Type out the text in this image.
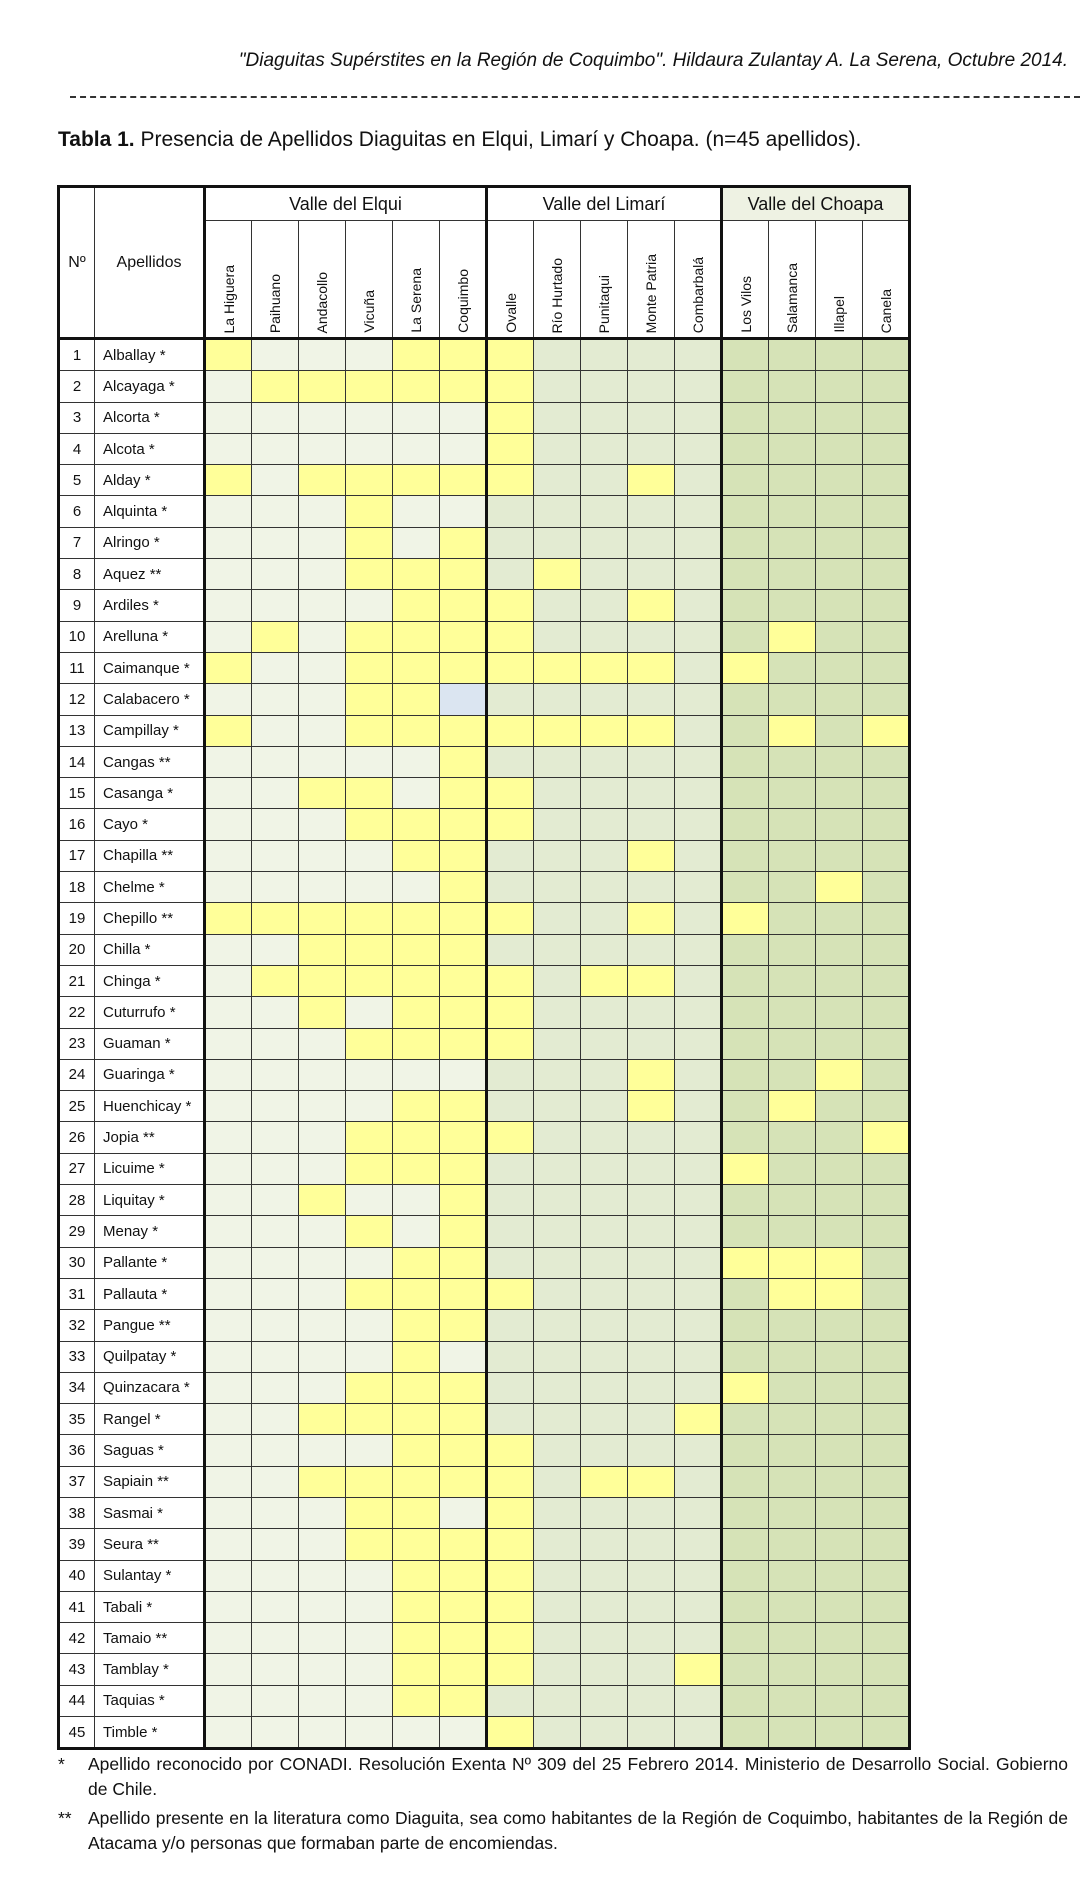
"Diaguitas Supérstites en la Región de Coquimbo". Hildaura Zulantay A. La Serena, Octubre 2014.
Tabla 1. Presencia de Apellidos Diaguitas en Elqui, Limarí y Choapa. (n=45 apellidos).
Nº	Apellidos	Valle del Elqui						Valle del Limarí					Valle del Choapa			
		La Higuera	Paihuano	Andacollo	Vicuña	La Serena	Coquimbo	Ovalle	Río Hurtado	Punitaqui	Monte Patria	Combarbalá	Los Vilos	Salamanca	Illapel	Canela
1	Alballay *															
2	Alcayaga *															
3	Alcorta *															
4	Alcota *															
5	Alday *															
6	Alquinta *															
7	Alringo *															
8	Aquez **															
9	Ardiles *															
10	Arelluna *															
11	Caimanque *															
12	Calabacero *															
13	Campillay *															
14	Cangas **															
15	Casanga *															
16	Cayo *															
17	Chapilla **															
18	Chelme *															
19	Chepillo **															
20	Chilla *															
21	Chinga *															
22	Cuturrufo *															
23	Guaman *															
24	Guaringa *															
25	Huenchicay *															
26	Jopia **															
27	Licuime *															
28	Liquitay *															
29	Menay *															
30	Pallante *															
31	Pallauta *															
32	Pangue **															
33	Quilpatay *															
34	Quinzacara *															
35	Rangel *															
36	Saguas *															
37	Sapiain **															
38	Sasmai *															
39	Seura **															
40	Sulantay *															
41	Tabali *															
42	Tamaio **															
43	Tamblay *															
44	Taquias *															
45	Timble *															
*	Apellido reconocido por CONADI. Resolución Exenta Nº 309 del 25 Febrero 2014. Ministerio de Desarrollo Social. Gobierno de Chile.
** Apellido presente en la literatura como Diaguita, sea como habitantes de la Región de Coquimbo, habitantes de la Región de Atacama y/o personas que formaban parte de encomiendas.
